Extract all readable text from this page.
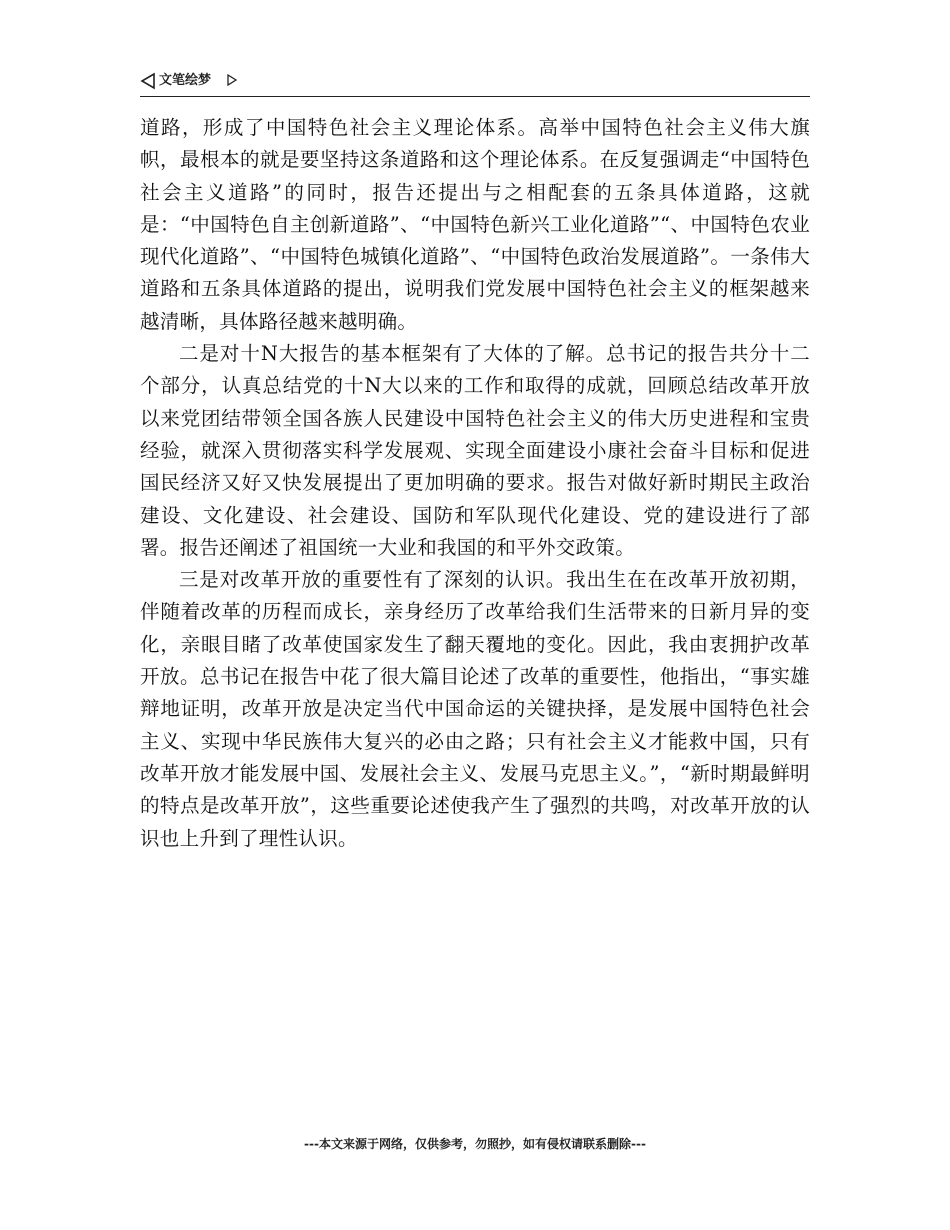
文笔绘梦

道路，形成了中国特色社会主义理论体系。高举中国特色社会主义伟大旗帜，最根本的就是要坚持这条道路和这个理论体系。在反复强调走“中国特色社会主义道路”的同时，报告还提出与之相配套的五条具体道路，这就是：“中国特色自主创新道路”、“中国特色新兴工业化道路”“、中国特色农业现代化道路”、“中国特色城镇化道路”、“中国特色政治发展道路”。一条伟大道路和五条具体道路的提出，说明我们党发展中国特色社会主义的框架越来越清晰，具体路径越来越明确。

二是对十N大报告的基本框架有了大体的了解。总书记的报告共分十二个部分，认真总结党的十N大以来的工作和取得的成就，回顾总结改革开放以来党团结带领全国各族人民建设中国特色社会主义的伟大历史进程和宝贵经验，就深入贯彻落实科学发展观、实现全面建设小康社会奋斗目标和促进国民经济又好又快发展提出了更加明确的要求。报告对做好新时期民主政治建设、文化建设、社会建设、国防和军队现代化建设、党的建设进行了部署。报告还阐述了祖国统一大业和我国的和平外交政策。

三是对改革开放的重要性有了深刻的认识。我出生在在改革开放初期，伴随着改革的历程而成长，亲身经历了改革给我们生活带来的日新月异的变化，亲眼目睹了改革使国家发生了翻天覆地的变化。因此，我由衷拥护改革开放。总书记在报告中花了很大篇目论述了改革的重要性，他指出，“事实雄辩地证明，改革开放是决定当代中国命运的关键抉择，是发展中国特色社会主义、实现中华民族伟大复兴的必由之路；只有社会主义才能救中国，只有改革开放才能发展中国、发展社会主义、发展马克思主义。”，“新时期最鲜明的特点是改革开放”，这些重要论述使我产生了强烈的共鸣，对改革开放的认识也上升到了理性认识。

---本文来源于网络，仅供参考，勿照抄，如有侵权请联系删除---
